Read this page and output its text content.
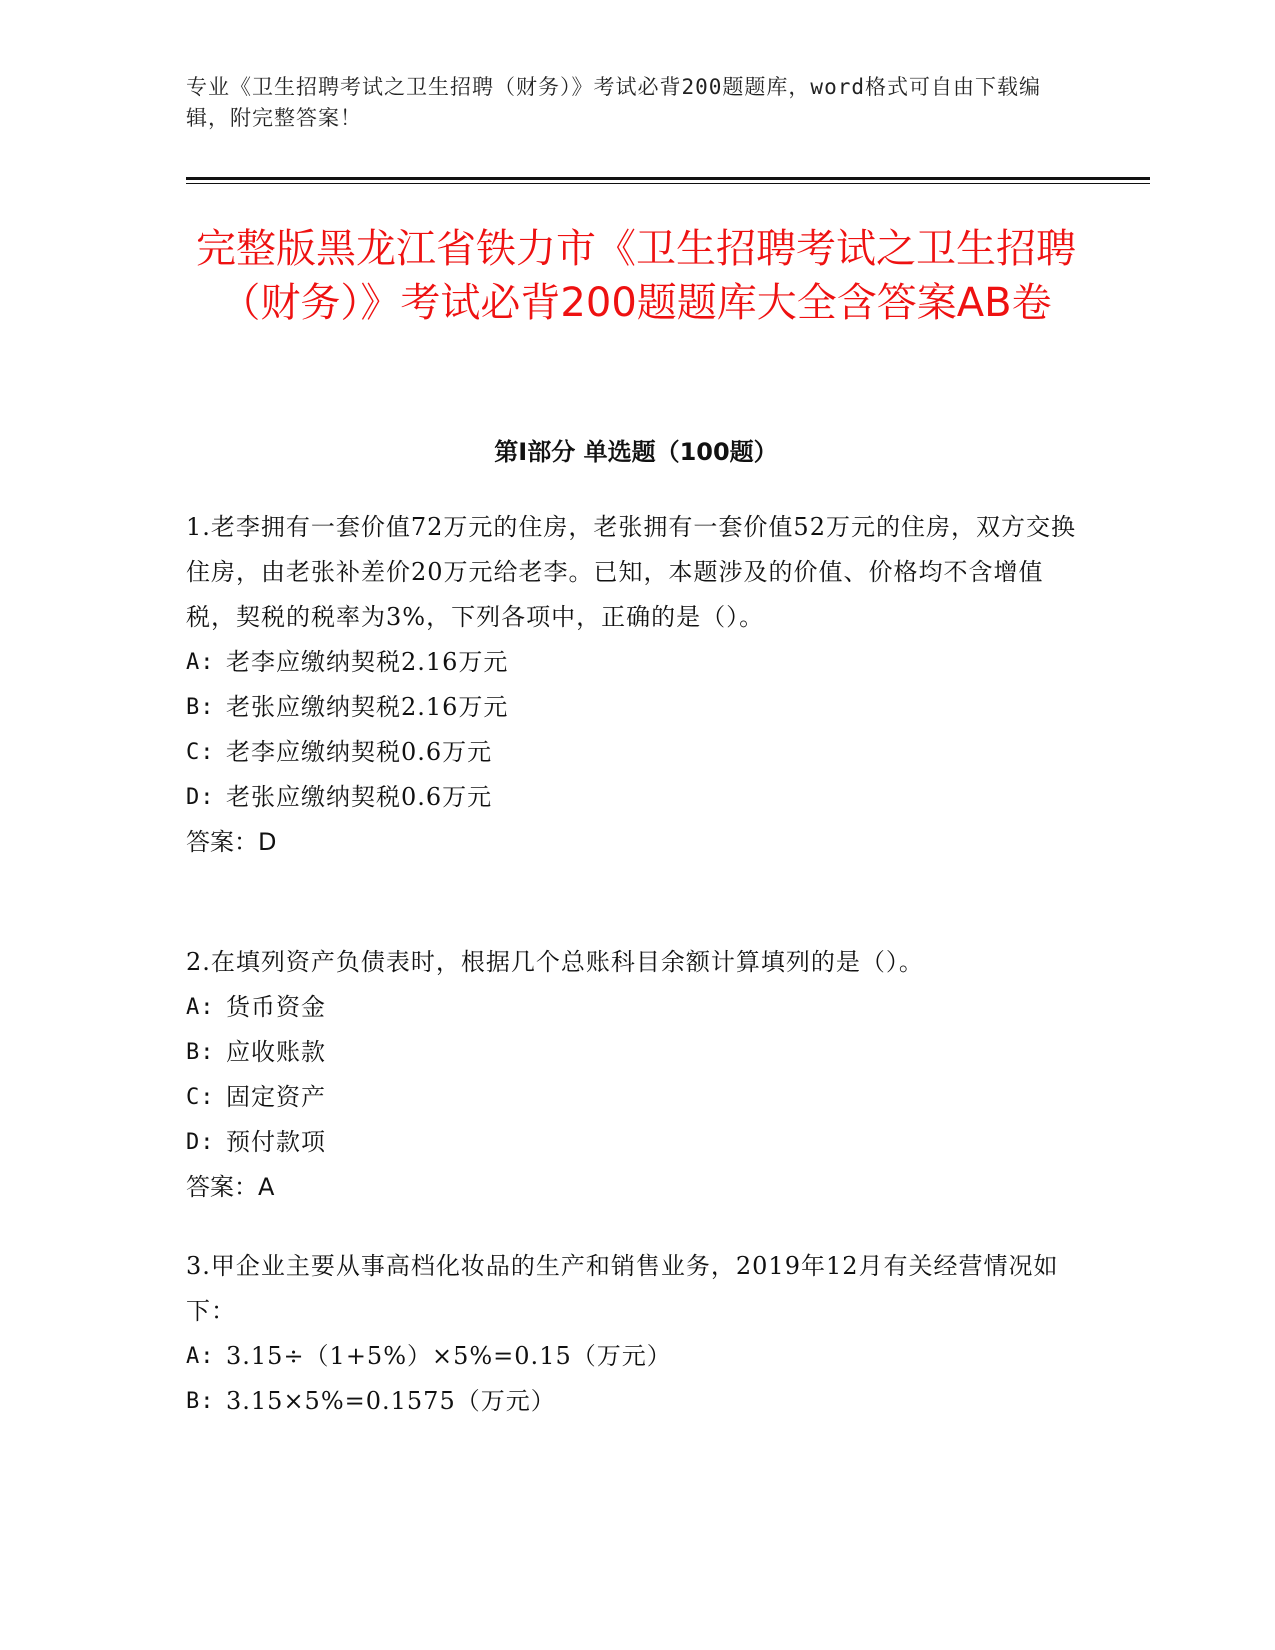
专业《卫生招聘考试之卫生招聘（财务）》考试必背200题题库，word格式可自由下载编辑，附完整答案！
完整版黑龙江省铁力市《卫生招聘考试之卫生招聘（财务）》考试必背200题题库大全含答案AB卷
第Ⅰ部分 单选题（100题）

1.老李拥有一套价值72万元的住房，老张拥有一套价值52万元的住房，双方交换住房，由老张补差价20万元给老李。已知，本题涉及的价值、价格均不含增值税，契税的税率为3%，下列各项中，正确的是（）。

A: 老李应缴纳契税2.16万元
B: 老张应缴纳契税2.16万元
C: 老李应缴纳契税0.6万元
D: 老张应缴纳契税0.6万元
答案：D

2.在填列资产负债表时，根据几个总账科目余额计算填列的是（）。

A: 货币资金
B: 应收账款
C: 固定资产
D: 预付款项
答案：A

3.甲企业主要从事高档化妆品的生产和销售业务，2019年12月有关经营情况如下：

A: 3.15÷（1+5%）×5%=0.15（万元）
B: 3.15×5%=0.1575（万元）
